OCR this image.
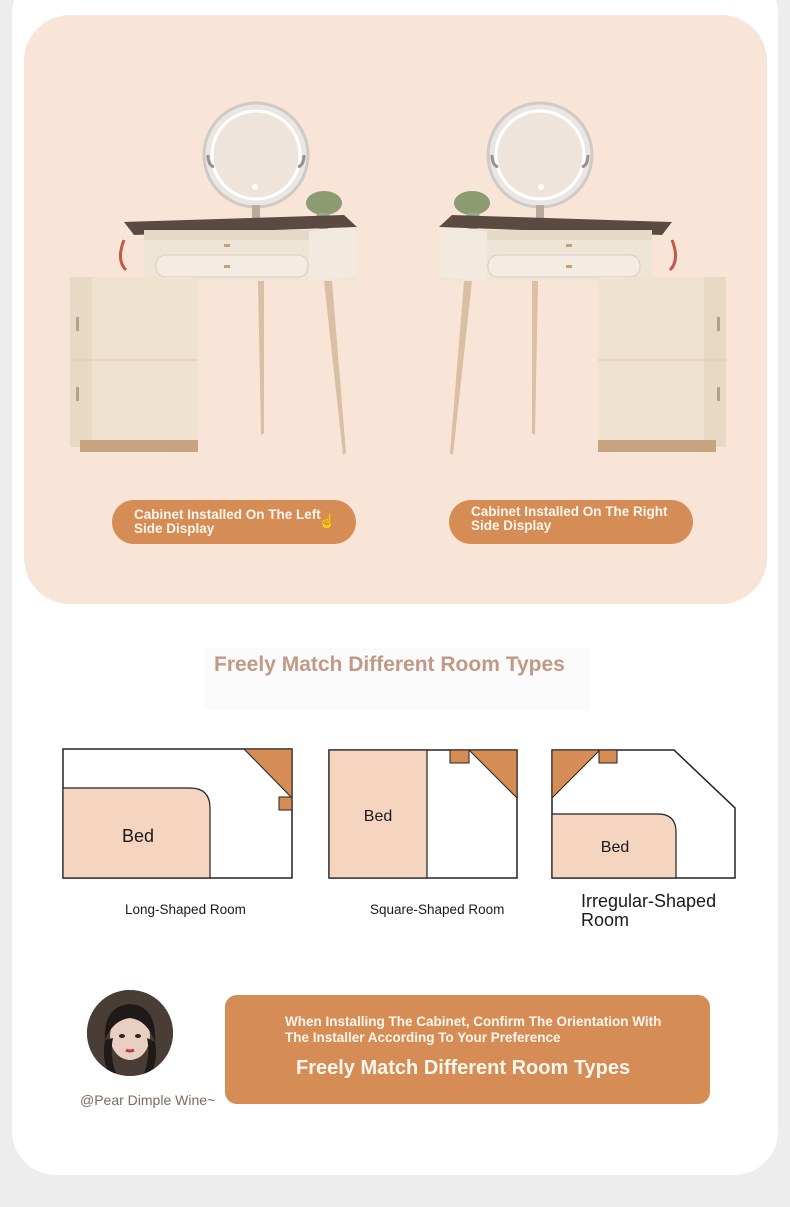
Cabinet Installed On The Left Side Display	☝
Cabinet Installed On The Right Side Display
Freely Match Different Room Types
Bed
Long-Shaped Room
Bed
Square-Shaped Room
Bed
Irregular-Shaped Room
@Pear Dimple Wine~
When Installing The Cabinet, Confirm The Orientation With The Installer According To Your Preference
Freely Match Different Room Types
